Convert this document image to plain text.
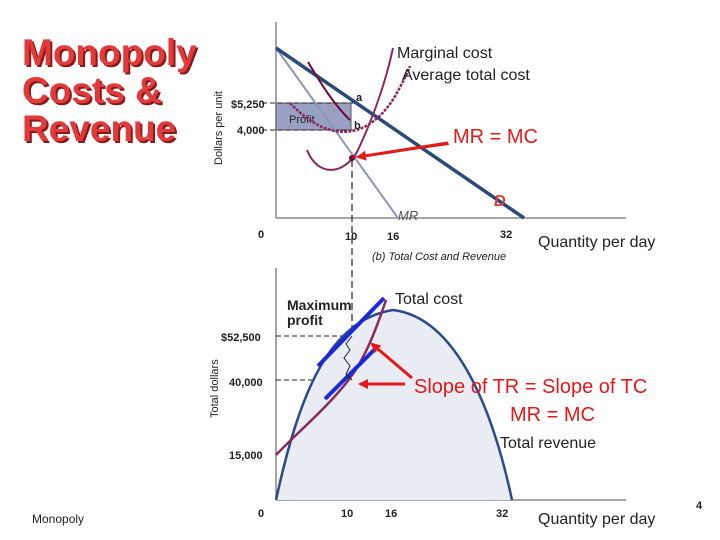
Monopoly
Costs &
Revenue	Dollars per unit	Profit
$5,250
4,000
a
b
Marginal cost
Average total cost
D
MR
0	10	16	32 Quantity per day
(b) Total Cost and Revenue
MR = MC
Total dollars
$52,500
40,000
15,000
Maximum
profit
Total cost
Total revenue
Slope of TR = Slope of TC
MR = MC
0	10	16	32 Quantity per day
Monopoly
4
